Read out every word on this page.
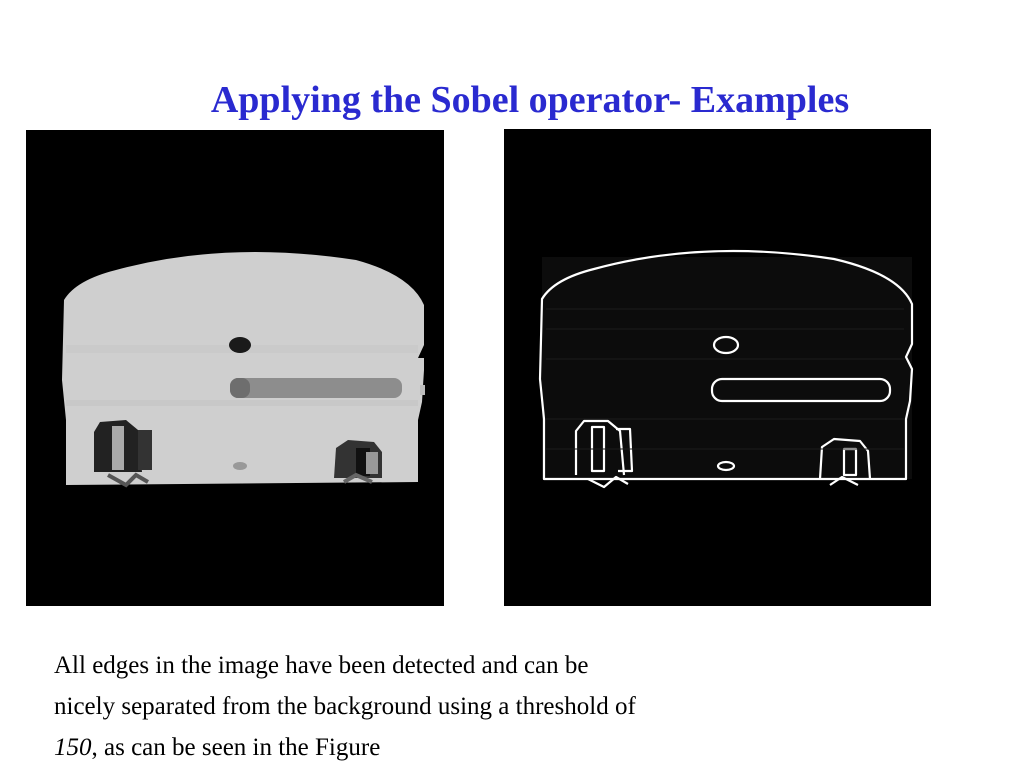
Applying the Sobel operator- Examples
All edges in the image have been detected and can be
nicely separated from the background using a threshold of
150, as can be seen in the Figure
